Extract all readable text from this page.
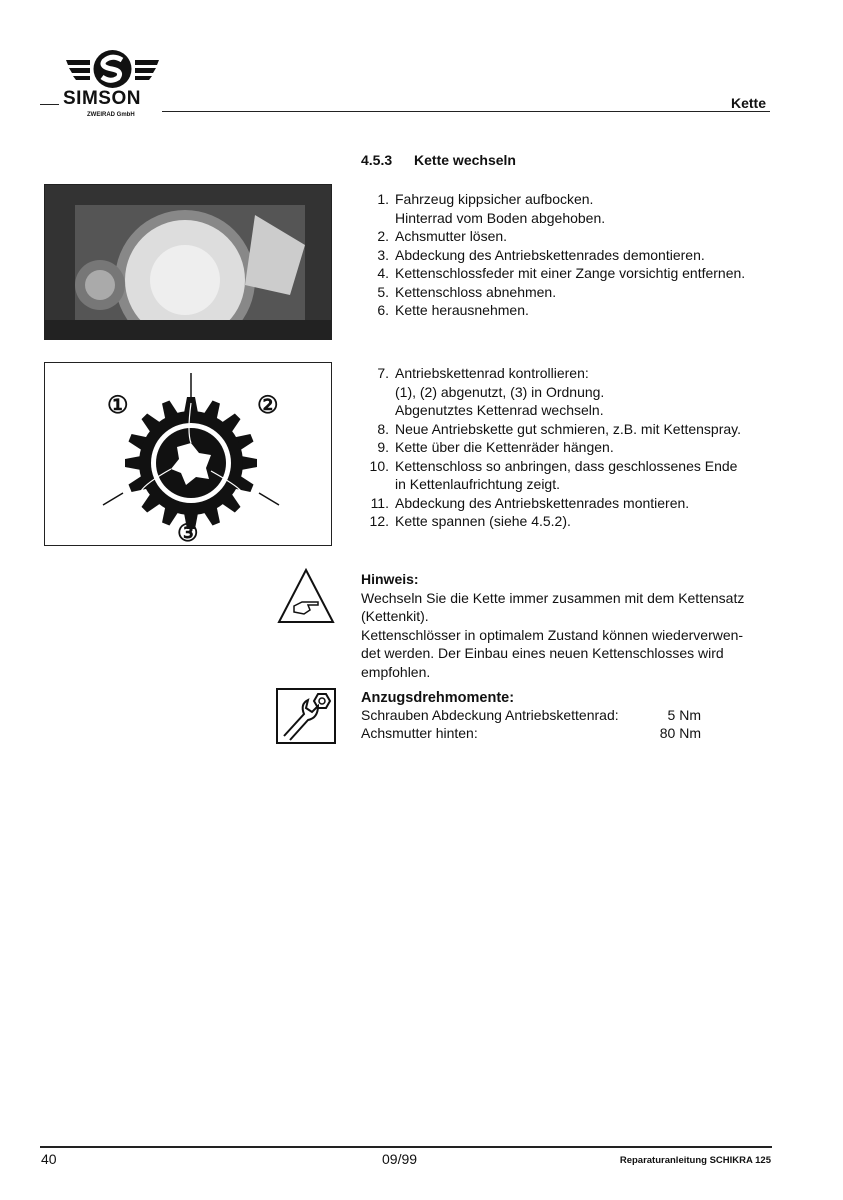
SIMSON
ZWEIRAD GmbH
Kette
4.5.3 Kette wechseln
1. Fahrzeug kippsicher aufbocken.
Hinterrad vom Boden abgehoben.
2. Achsmutter lösen.
3. Abdeckung des Antriebskettenrades demontieren.
4. Kettenschlossfeder mit einer Zange vorsichtig entfernen.
5. Kettenschloss abnehmen.
6. Kette herausnehmen.
①	②
③
7. Antriebskettenrad kontrollieren:
(1), (2) abgenutzt, (3) in Ordnung.
Abgenutztes Kettenrad wechseln.
8. Neue Antriebskette gut schmieren, z.B. mit Kettenspray.
9. Kette über die Kettenräder hängen.
10. Kettenschloss so anbringen, dass geschlossenes Ende
in Kettenlaufrichtung zeigt.
11. Abdeckung des Antriebskettenrades montieren.
12. Kette spannen (siehe 4.5.2).
Hinweis:
Wechseln Sie die Kette immer zusammen mit dem Kettensatz
(Kettenkit).
Kettenschlösser in optimalem Zustand können wiederverwen-
det werden. Der Einbau eines neuen Kettenschlosses wird
empfohlen.
Anzugsdrehmomente:
Schrauben Abdeckung Antriebskettenrad:	5 Nm
Achsmutter hinten:	80 Nm
40	09/99	Reparaturanleitung SCHIKRA 125
